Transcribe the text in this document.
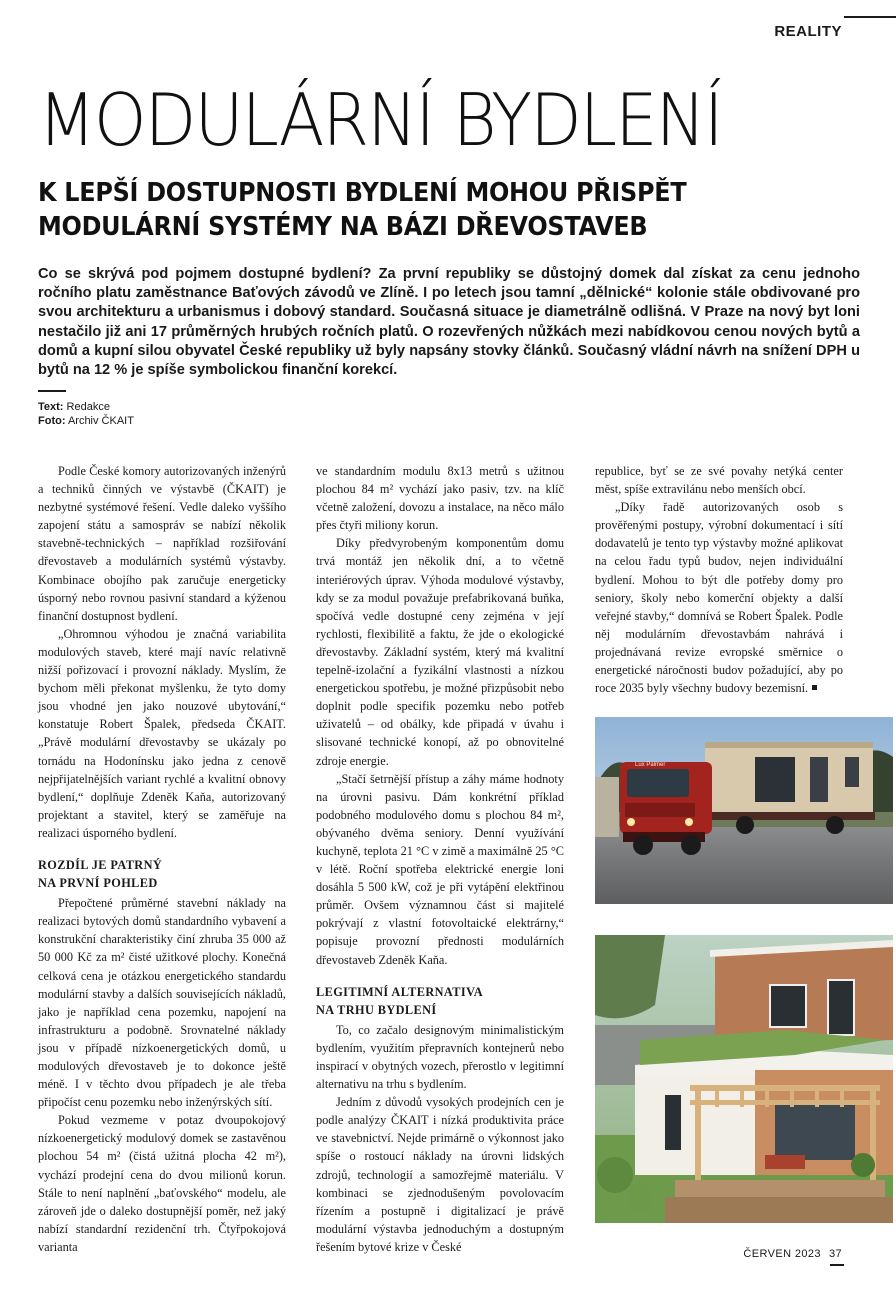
REALITY
MODULÁRNÍ BYDLENÍ
K LEPŠÍ DOSTUPNOSTI BYDLENÍ MOHOU PŘISPĚT
MODULÁRNÍ SYSTÉMY NA BÁZI DŘEVOSTAVEB

Co se skrývá pod pojmem dostupné bydlení? Za první republiky se důstojný domek dal získat za cenu jednoho ročního platu zaměstnance Baťových závodů ve Zlíně. I po letech jsou tamní „dělnické“ kolonie stále obdivované pro svou architekturu a urbanismus i dobový standard. Současná situace je diametrálně odlišná. V Praze na nový byt loni nestačilo již ani 17 průměrných hrubých ročních platů. O rozevřených nůžkách mezi nabídkovou cenou nových bytů a domů a kupní silou obyvatel České republiky už byly napsány stovky článků. Současný vládní návrh na snížení DPH u bytů na 12 % je spíše symbolickou finanční korekcí.

Text: Redakce
Foto: Archiv ČKAIT

Podle České komory autorizovaných inženýrů a techniků činných ve výstavbě (ČKAIT) je nezbytné systémové řešení. Vedle daleko vyššího zapojení státu a samospráv se nabízí několik stavebně-technických – například rozšiřování dřevostaveb a modulárních systémů výstavby. Kombinace obojího pak zaručuje energeticky úsporný nebo rovnou pasivní standard a kýženou finanční dostupnost bydlení.

„Ohromnou výhodou je značná variabilita modulových staveb, které mají navíc relativně nižší pořizovací i provozní náklady. Myslím, že bychom měli překonat myšlenku, že tyto domy jsou vhodné jen jako nouzové ubytování,“ konstatuje Robert Špalek, předseda ČKAIT. „Právě modulární dřevostavby se ukázaly po tornádu na Hodonínsku jako jedna z cenově nejpřijatelnějších variant rychlé a kvalitní obnovy bydlení,“ doplňuje Zdeněk Kaňa, autorizovaný projektant a stavitel, který se zaměřuje na realizaci úsporného bydlení.

ROZDÍL JE PATRNÝ
NA PRVNÍ POHLED

Přepočtené průměrné stavební náklady na realizaci bytových domů standardního vybavení a konstrukční charakteristiky činí zhruba 35 000 až 50 000 Kč za m² čisté užitkové plochy. Konečná celková cena je otázkou energetického standardu modulární stavby a dalších souvisejících nákladů, jako je například cena pozemku, napojení na infrastrukturu a podobně. Srovnatelné náklady jsou v případě nízkoenergetických domů, u modulových dřevostaveb je to dokonce ještě méně. I v těchto dvou případech je ale třeba připočíst cenu pozemku nebo inženýrských sítí.

Pokud vezmeme v potaz dvoupokojový nízkoenergetický modulový domek se zastavěnou plochou 54 m² (čistá užitná plocha 42 m²), vychází prodejní cena do dvou milionů korun. Stále to není naplnění „baťovského“ modelu, ale zároveň jde o daleko dostupnější poměr, než jaký nabízí standardní rezidenční trh. Čtyřpokojová varianta

ve standardním modulu 8x13 metrů s užitnou plochou 84 m² vychází jako pasiv, tzv. na klíč včetně založení, dovozu a instalace, na něco málo přes čtyři miliony korun.

Díky předvyrobeným komponentům domu trvá montáž jen několik dní, a to včetně interiérových úprav. Výhoda modulové výstavby, kdy se za modul považuje prefabrikovaná buňka, spočívá vedle dostupné ceny zejména v její rychlosti, flexibilitě a faktu, že jde o ekologické dřevostavby. Základní systém, který má kvalitní tepelně-izolační a fyzikální vlastnosti a nízkou energetickou spotřebu, je možné přizpůsobit nebo doplnit podle specifik pozemku nebo potřeb uživatelů – od obálky, kde připadá v úvahu i slisované technické konopí, až po obnovitelné zdroje energie.

„Stačí šetrnější přístup a záhy máme hodnoty na úrovni pasivu. Dám konkrétní příklad podobného modulového domu s plochou 84 m², obývaného dvěma seniory. Denní využívání kuchyně, teplota 21 °C v zimě a maximálně 25 °C v létě. Roční spotřeba elektrické energie loni dosáhla 5 500 kW, což je při vytápění elektřinou průměr. Ovšem významnou část si majitelé pokrývají z vlastní fotovoltaické elektrárny,“ popisuje provozní přednosti modulárních dřevostaveb Zdeněk Kaňa.

LEGITIMNÍ ALTERNATIVA
NA TRHU BYDLENÍ

To, co začalo designovým minimalistickým bydlením, využitím přepravních kontejnerů nebo inspirací v obytných vozech, přerostlo v legitimní alternativu na trhu s bydlením.

Jedním z důvodů vysokých prodejních cen je podle analýzy ČKAIT i nízká produktivita práce ve stavebnictví. Nejde primárně o výkonnost jako spíše o rostoucí náklady na úrovni lidských zdrojů, technologií a samozřejmě materiálu. V kombinaci se zjednodušeným povolovacím řízením a postupně i digitalizací je právě modulární výstavba jednoduchým a dostupným řešením bytové krize v České

republice, byť se ze své povahy netýká center měst, spíše extravilánu nebo menších obcí.

„Díky řadě autorizovaných osob s prověřenými postupy, výrobní dokumentací i sítí dodavatelů je tento typ výstavby možné aplikovat na celou řadu typů budov, nejen individuální bydlení. Mohou to být dle potřeby domy pro seniory, školy nebo komerční objekty a další veřejné stavby,“ domnívá se Robert Špalek. Podle něj modulárním dřevostavbám nahrává i projednávaná revize evropské směrnice o energetické náročnosti budov požadující, aby po roce 2035 byly všechny budovy bezemisní.

Lux Palmer
ČERVEN 2023 37
